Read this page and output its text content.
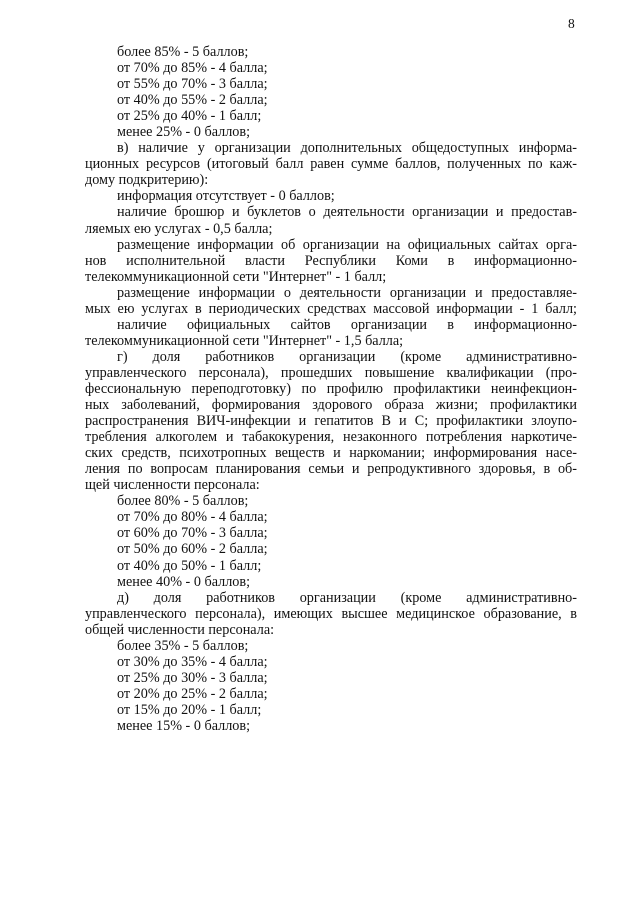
8
более 85% - 5 баллов;
от 70% до 85% - 4 балла;
от 55% до 70% - 3 балла;
от 40% до 55% - 2 балла;
от 25% до 40% - 1 балл;
менее 25% - 0 баллов;
в) наличие у организации дополнительных общедоступных информа-
ционных ресурсов (итоговый балл равен сумме баллов, полученных по каж-
дому подкритерию):
информация отсутствует - 0 баллов;
наличие брошюр и буклетов о деятельности организации и предостав-
ляемых ею услугах - 0,5 балла;
размещение информации об организации на официальных сайтах орга-
нов исполнительной власти Республики Коми в информационно-
телекоммуникационной сети "Интернет" - 1 балл;
размещение информации о деятельности организации и предоставляе-
мых ею услугах в периодических средствах массовой информации - 1 балл;
наличие официальных сайтов организации в информационно-
телекоммуникационной сети "Интернет" - 1,5 балла;
г) доля работников организации (кроме административно-
управленческого персонала), прошедших повышение квалификации (про-
фессиональную переподготовку) по профилю профилактики неинфекцион-
ных заболеваний, формирования здорового образа жизни; профилактики
распространения ВИЧ-инфекции и гепатитов В и С; профилактики злоупо-
требления алкоголем и табакокурения, незаконного потребления наркотиче-
ских средств, психотропных веществ и наркомании; информирования насе-
ления по вопросам планирования семьи и репродуктивного здоровья, в об-
щей численности персонала:
более 80% - 5 баллов;
от 70% до 80% - 4 балла;
от 60% до 70% - 3 балла;
от 50% до 60% - 2 балла;
от 40% до 50% - 1 балл;
менее 40% - 0 баллов;
д) доля работников организации (кроме административно-
управленческого персонала), имеющих высшее медицинское образование, в
общей численности персонала:
более 35% - 5 баллов;
от 30% до 35% - 4 балла;
от 25% до 30% - 3 балла;
от 20% до 25% - 2 балла;
от 15% до 20% - 1 балл;
менее 15% - 0 баллов;
